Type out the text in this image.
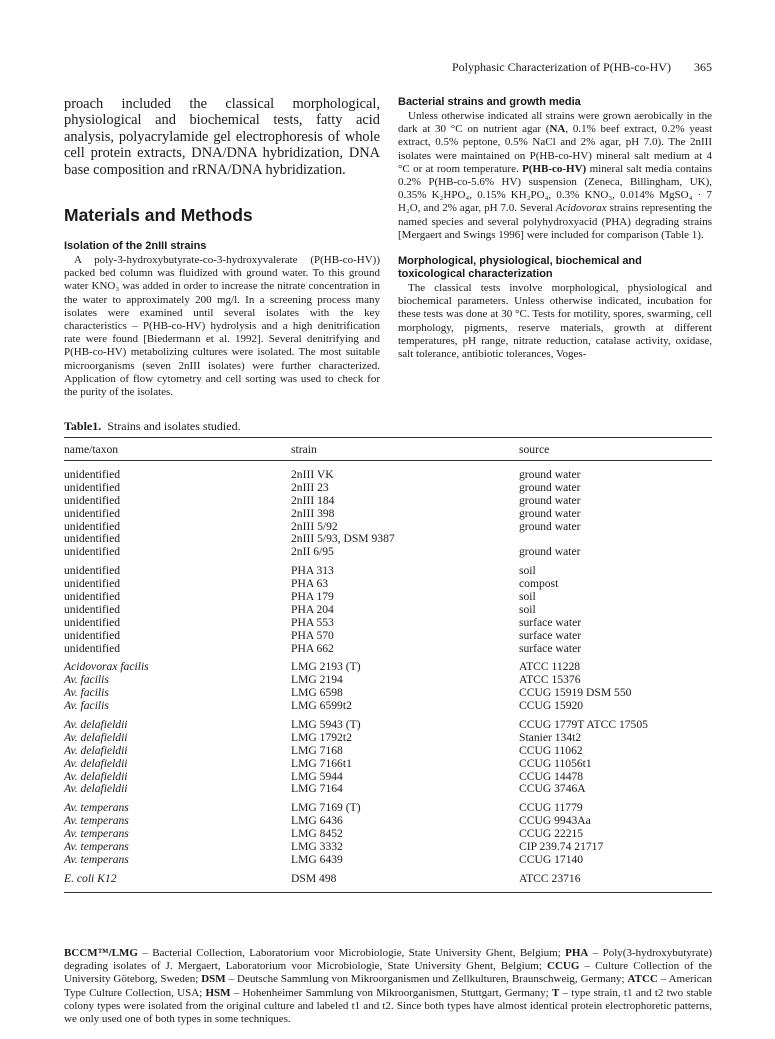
Polyphasic Characterization of P(HB-co-HV) 365

proach included the classical morphological, physiological and biochemical tests, fatty acid analysis, polyacrylamide gel electrophoresis of whole cell protein extracts, DNA/DNA hybridization, DNA base composition and rRNA/DNA hybridization.

Materials and Methods
Isolation of the 2nIII strains

A poly-3-hydroxybutyrate-co-3-hydroxyvalerate (P(HB-co-HV)) packed bed column was fluidized with ground water. To this ground water KNO₃ was added in order to increase the nitrate concentration in the water to approximately 200 mg/l. In a screening process many isolates were examined until several isolates with the key characteristics – P(HB-co-HV) hydrolysis and a high denitrification rate were found [Biedermann et al. 1992]. Several denitrifying and P(HB-co-HV) metabolizing cultures were isolated. The most suitable microorganisms (seven 2nIII isolates) were further characterized. Application of flow cytometry and cell sorting was used to check for the purity of the isolates.

Bacterial strains and growth media

Unless otherwise indicated all strains were grown aerobically in the dark at 30 °C on nutrient agar (NA, 0.1% beef extract, 0.2% yeast extract, 0.5% peptone, 0.5% NaCl and 2% agar, pH 7.0). The 2nIII isolates were maintained on P(HB-co-HV) mineral salt medium at 4 °C or at room temperature. P(HB-co-HV) mineral salt media contains 0.2% P(HB-co-5.6% HV) suspension (Zeneca, Billingham, UK), 0.35% K₂HPO₄, 0.15% KH₂PO₄, 0.3% KNO₃, 0.014% MgSO₄ · 7 H₂O, and 2% agar, pH 7.0. Several Acidovorax strains representing the named species and several polyhydroxyacid (PHA) degrading strains [Mergaert and Swings 1996] were included for comparison (Table 1).

Morphological, physiological, biochemical and toxicological characterization

The classical tests involve morphological, physiological and biochemical parameters. Unless otherwise indicated, incubation for these tests was done at 30 °C. Tests for motility, spores, swarming, cell morphology, pigments, reserve materials, growth at different temperatures, pH range, nitrate reduction, catalase activity, oxidase, salt tolerance, antibiotic tolerances, Voges-

Table1. Strains and isolates studied.
name/taxon	strain	source
unidentified	2nIII VK	ground water
unidentified	2nIII 23	ground water
unidentified	2nIII 184	ground water
unidentified	2nIII 398	ground water
unidentified	2nIII 5/92	ground water
unidentified	2nIII 5/93, DSM 9387
unidentified	2nII 6/95	ground water
unidentified	PHA 313	soil
unidentified	PHA 63	compost
unidentified	PHA 179	soil
unidentified	PHA 204	soil
unidentified	PHA 553	surface water
unidentified	PHA 570	surface water
unidentified	PHA 662	surface water
Acidovorax facilis	LMG 2193 (T)	ATCC 11228
Av. facilis	LMG 2194	ATCC 15376
Av. facilis	LMG 6598	CCUG 15919 DSM 550
Av. facilis	LMG 6599t2	CCUG 15920
Av. delafieldii	LMG 5943 (T)	CCUG 1779T ATCC 17505
Av. delafieldii	LMG 1792t2	Stanier 134t2
Av. delafieldii	LMG 7168	CCUG 11062
Av. delafieldii	LMG 7166t1	CCUG 11056t1
Av. delafieldii	LMG 5944	CCUG 14478
Av. delafieldii	LMG 7164	CCUG 3746A
Av. temperans	LMG 7169 (T)	CCUG 11779
Av. temperans	LMG 6436	CCUG 9943Aa
Av. temperans	LMG 8452	CCUG 22215
Av. temperans	LMG 3332	CIP 239.74 21717
Av. temperans	LMG 6439	CCUG 17140
E. coli K12	DSM 498	ATCC 23716
BCCM™/LMG – Bacterial Collection, Laboratorium voor Microbiologie, State University Ghent, Belgium; PHA – Poly(3-hydroxybutyrate) degrading isolates of J. Mergaert, Laboratorium voor Microbiologie, State University Ghent, Belgium; CCUG – Culture Collection of the University Göteborg, Sweden; DSM – Deutsche Sammlung von Mikroorganismen und Zellkulturen, Braunschweig, Germany; ATCC – American Type Culture Collection, USA; HSM – Hohenheimer Sammlung von Mikroorganismen, Stuttgart, Germany; T – type strain, t1 and t2 two stable colony types were isolated from the original culture and labeled t1 and t2. Since both types have almost identical protein electrophoretic patterns, we only used one of both types in some techniques.
